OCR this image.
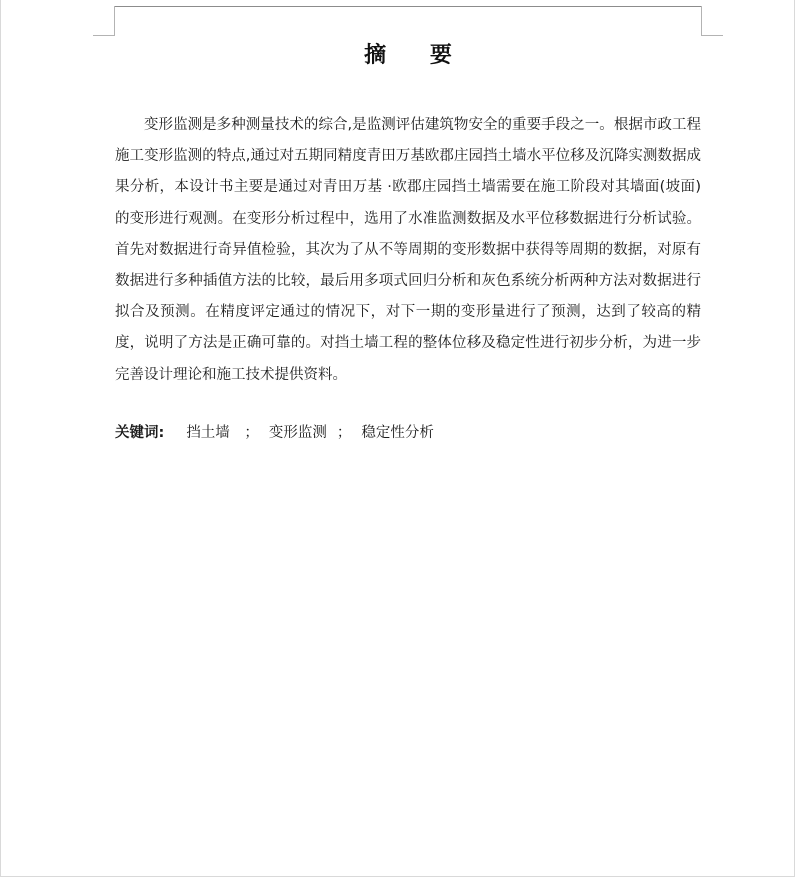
摘 要

变形监测是多种测量技术的综合,是监测评估建筑物安全的重要手段之一。根据市政工程施工变形监测的特点,通过对五期同精度青田万基欧郡庄园挡土墙水平位移及沉降实测数据成果分析，本设计书主要是通过对青田万基 ·欧郡庄园挡土墙需要在施工阶段对其墙面(坡面)的变形进行观测。在变形分析过程中，选用了水准监测数据及水平位移数据进行分析试验。首先对数据进行奇异值检验，其次为了从不等周期的变形数据中获得等周期的数据，对原有数据进行多种插值方法的比较，最后用多项式回归分析和灰色系统分析两种方法对数据进行拟合及预测。在精度评定通过的情况下，对下一期的变形量进行了预测，达到了较高的精度，说明了方法是正确可靠的。对挡土墙工程的整体位移及稳定性进行初步分析，为进一步完善设计理论和施工技术提供资料。

关键词: 挡土墙 ； 变形监测 ； 稳定性分析
